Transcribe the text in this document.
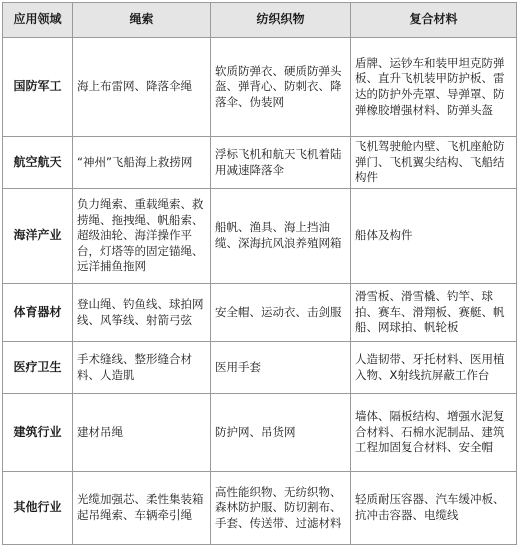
应用领域	绳索	纺织织物	复合材料
国防军工	海上布雷网、降落伞绳	软质防弹衣、硬质防弹头盔、弹背心、防刺衣、降落伞、伪装网	盾牌、运钞车和装甲坦克防弹板、直升飞机装甲防护板、雷达的防护外壳罩、导弹罩、防弹橡胶增强材料、防弹头盔
航空航天	“神州”飞船海上救捞网	浮标飞机和航天飞机着陆用减速降落伞	飞机驾驶舱内壁、飞机座舱防弹门、飞机翼尖结构、飞船结构件
海洋产业	负力绳索、重载绳索、救捞绳、拖拽绳、帆船索、超级油轮、海洋操作平台，灯塔等的固定锚绳、远洋捕鱼拖网	船帆、渔具、海上挡油缆、深海抗风浪养殖网箱	船体及构件
体育器材	登山绳、钓鱼线、球拍网线、风筝线、射箭弓弦	安全帽、运动衣、击剑服	滑雪板、滑雪橇、钓竿、球拍、赛车、滑翔板、赛艇、帆船、网球拍、帆轮板
医疗卫生	手术缝线、整形缝合材料、人造肌	医用手套	人造韧带、牙托材料、医用植入物、X射线抗屏蔽工作台
建筑行业	建材吊绳	防护网、吊货网	墙体、隔板结构、增强水泥复合材料、石棉水泥制品、建筑工程加固复合材料、安全帽
其他行业	光缆加强芯、柔性集装箱起吊绳索、车辆牵引绳	高性能织物、无纺织物、森林防护服、防切割布、手套、传送带、过滤材料	轻质耐压容器、汽车缓冲板、抗冲击容器、电缆线
